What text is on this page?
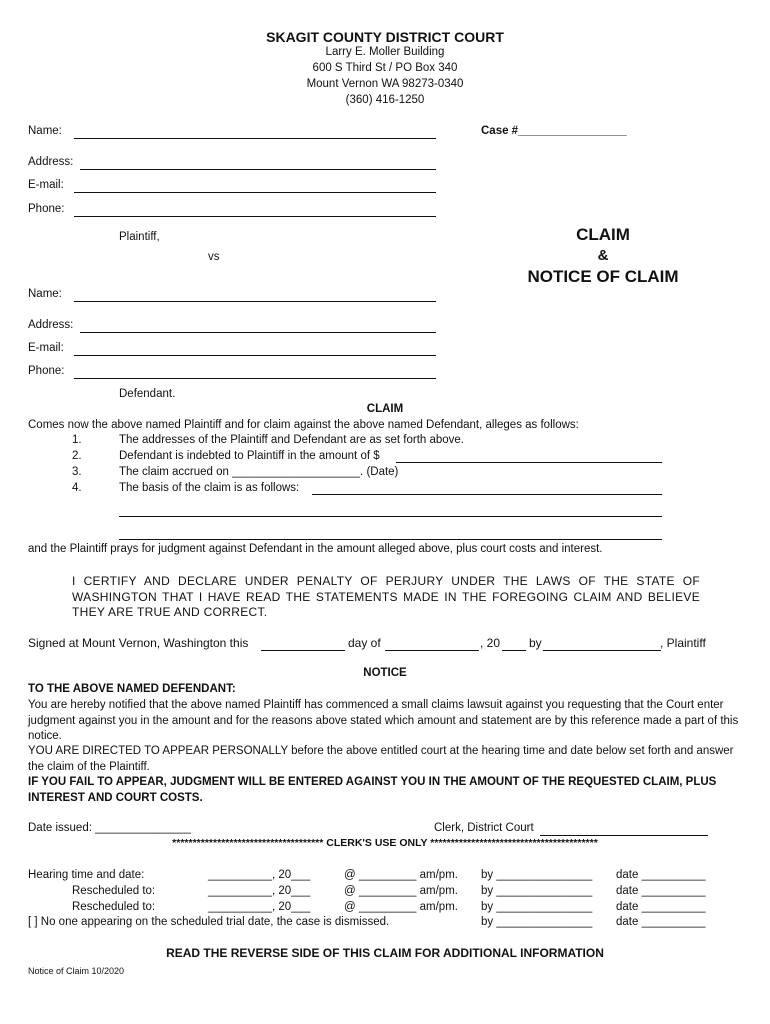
SKAGIT COUNTY DISTRICT COURT
Larry E. Moller Building
600 S Third St / PO Box 340
Mount Vernon WA 98273-0340
(360) 416-1250
Name:	Case #_________________
Address:
E-mail:
Phone:
Plaintiff,
vs
CLAIM
&
NOTICE OF CLAIM
Name:
Address:
E-mail:
Phone:
Defendant.
CLAIM
Comes now the above named Plaintiff and for claim against the above named Defendant, alleges as follows:
1.	The addresses of the Plaintiff and Defendant are as set forth above.
2.	Defendant is indebted to Plaintiff in the amount of $
3.	The claim accrued on ____________________. (Date)
4.	The basis of the claim is as follows:
and the Plaintiff prays for judgment against Defendant in the amount alleged above, plus court costs and interest.
I CERTIFY AND DECLARE UNDER PENALTY OF PERJURY UNDER THE LAWS OF THE STATE OF WASHINGTON THAT I HAVE READ THE STATEMENTS MADE IN THE FOREGOING CLAIM AND BELIEVE THEY ARE TRUE AND CORRECT.
Signed at Mount Vernon, Washington this	day of	, 20 by	, Plaintiff
NOTICE
TO THE ABOVE NAMED DEFENDANT:
You are hereby notified that the above named Plaintiff has commenced a small claims lawsuit against you requesting that the Court enter judgment against you in the amount and for the reasons above stated which amount and statement are by this reference made a part of this notice.
YOU ARE DIRECTED TO APPEAR PERSONALLY before the above entitled court at the hearing time and date below set forth and answer the claim of the Plaintiff.
IF YOU FAIL TO APPEAR, JUDGMENT WILL BE ENTERED AGAINST YOU IN THE AMOUNT OF THE REQUESTED CLAIM, PLUS INTEREST AND COURT COSTS.
Date issued: _______________	Clerk, District Court
************************************* CLERK'S USE ONLY *****************************************
Hearing time and date:	__________, 20___	@ _________ am/pm. by _______________ date __________
Rescheduled to:	__________, 20___	@ _________ am/pm. by _______________ date __________
Rescheduled to:	__________, 20___	@ _________ am/pm. by _______________ date __________
[ ] No one appearing on the scheduled trial date, the case is dismissed.	by _______________ date __________
READ THE REVERSE SIDE OF THIS CLAIM FOR ADDITIONAL INFORMATION
Notice of Claim 10/2020
